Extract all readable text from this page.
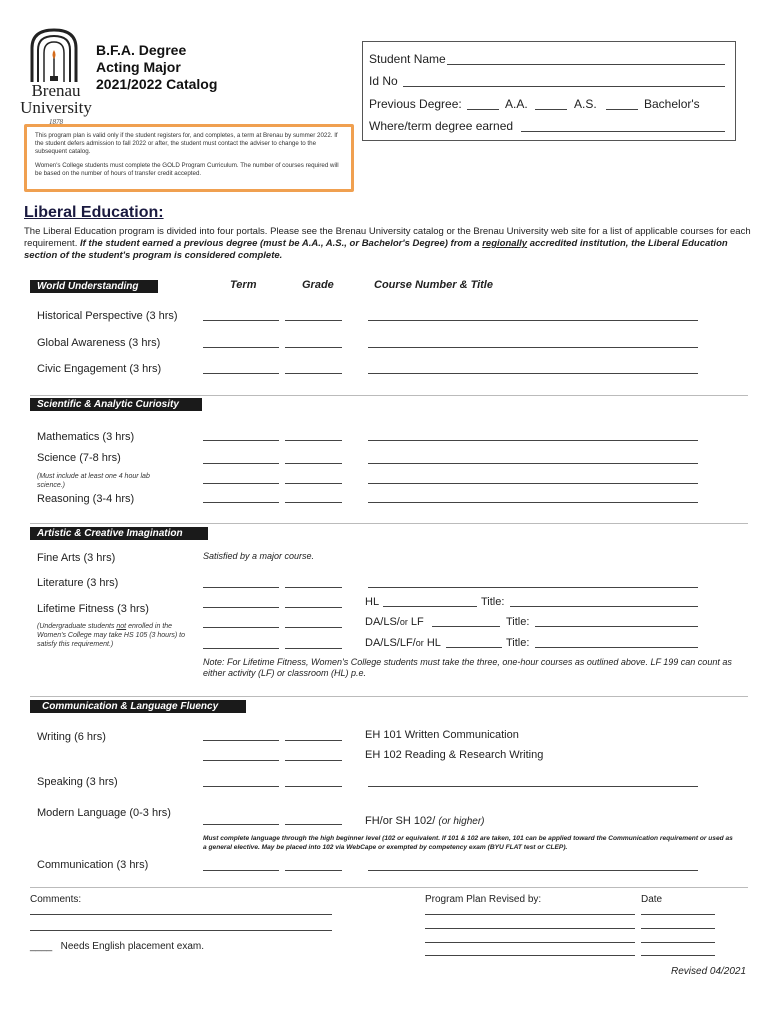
Brenau
University
1878
B.F.A. Degree
Acting Major
2021/2022 Catalog
Student Name
Id No
Previous Degree:	A.A.	A.S.	Bachelor's
Where/term degree earned

This program plan is valid only if the student registers for, and completes, a term at Brenau by summer 2022. If the student defers admission to fall 2022 or after, the student must contact the adviser to change to the subsequent catalog.

Women's College students must complete the GOLD Program Curriculum. The number of courses required will be based on the number of hours of transfer credit accepted.

Liberal Education:
The Liberal Education program is divided into four portals. Please see the Brenau University catalog or the Brenau University web site for a list of applicable courses for each requirement. If the student earned a previous degree (must be A.A., A.S., or Bachelor's Degree) from a regionally accredited institution, the Liberal Education section of the student's program is considered complete.
World Understanding	Term	Grade	Course Number & Title
Historical Perspective (3 hrs)
Global Awareness (3 hrs)
Civic Engagement (3 hrs)
Scientific & Analytic Curiosity
Mathematics (3 hrs)
Science (7-8 hrs)
(Must include at least one 4 hour lab science.)
Reasoning (3-4 hrs)
Artistic & Creative Imagination
Fine Arts (3 hrs)	Satisfied by a major course.
Literature (3 hrs)
Lifetime Fitness (3 hrs)
HL	Title:
(Undergraduate students not enrolled in the Women's College may take HS 105 (3 hours) to satisfy this requirement.)
DA/LS/or LF	Title:
DA/LS/LF/or HL	Title:
Note: For Lifetime Fitness, Women's College students must take the three, one-hour courses as outlined above. LF 199 can count as either activity (LF) or classroom (HL) p.e.
Communication & Language Fluency
Writing (6 hrs)	EH 101 Written Communication
EH 102 Reading & Research Writing
Speaking (3 hrs)
Modern Language (0-3 hrs)
FH/or SH 102/ (or higher)
Must complete language through the high beginner level (102 or equivalent. If 101 & 102 are taken, 101 can be applied toward the Communication requirement or used as a general elective. May be placed into 102 via WebCape or exempted by competency exam (BYU FLAT test or CLEP).
Communication (3 hrs)
Comments:	Program Plan Revised by:	Date
____ Needs English placement exam.
Revised 04/2021
